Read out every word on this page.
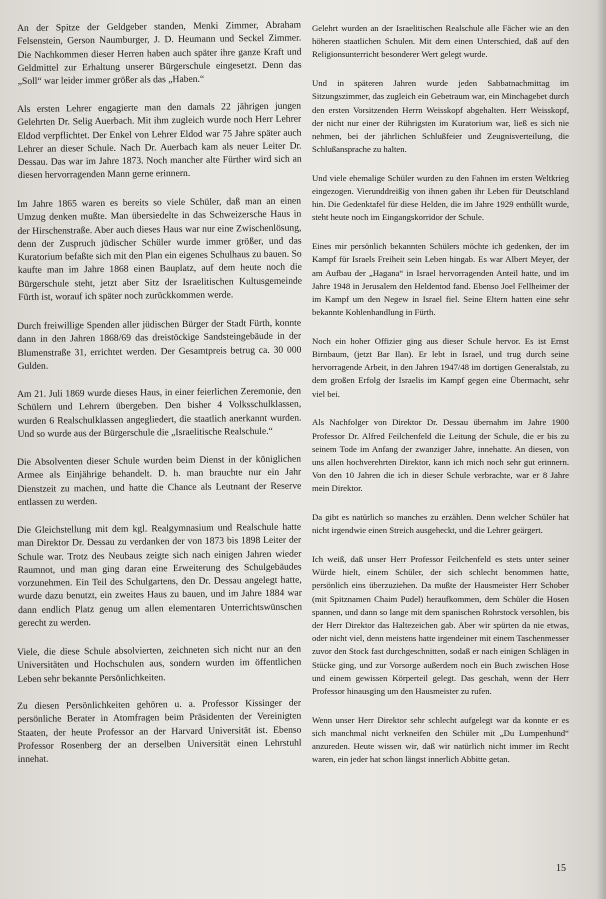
An der Spitze der Geldgeber standen, Menki Zimmer, Abraham Felsenstein, Gerson Naumburger, J. D. Heumann und Seckel Zimmer. Die Nachkommen dieser Herren haben auch später ihre ganze Kraft und Geldmittel zur Erhaltung unserer Bürgerschule eingesetzt. Denn das „Soll“ war leider immer größer als das „Haben.“

Als ersten Lehrer engagierte man den damals 22 jährigen jungen Gelehrten Dr. Selig Auerbach. Mit ihm zugleich wurde noch Herr Lehrer Eldod verpflichtet. Der Enkel von Lehrer Eldod war 75 Jahre später auch Lehrer an dieser Schule. Nach Dr. Auerbach kam als neuer Leiter Dr. Dessau. Das war im Jahre 1873. Noch mancher alte Fürther wird sich an diesen hervorragenden Mann gerne erinnern.

Im Jahre 1865 waren es bereits so viele Schüler, daß man an einen Umzug denken mußte. Man übersiedelte in das Schweizersche Haus in der Hirschenstraße. Aber auch dieses Haus war nur eine Zwischenlösung, denn der Zuspruch jüdischer Schüler wurde immer größer, und das Kuratorium befaßte sich mit den Plan ein eigenes Schulhaus zu bauen. So kaufte man im Jahre 1868 einen Bauplatz, auf dem heute noch die Bürgerschule steht, jetzt aber Sitz der Israelitischen Kultusgemeinde Fürth ist, worauf ich später noch zurückkommen werde.

Durch freiwillige Spenden aller jüdischen Bürger der Stadt Fürth, konnte dann in den Jahren 1868/69 das dreistöckige Sandsteingebäude in der Blumenstraße 31, errichtet werden. Der Gesamtpreis betrug ca. 30 000 Gulden.

Am 21. Juli 1869 wurde dieses Haus, in einer feierlichen Zeremonie, den Schülern und Lehrern übergeben. Den bisher 4 Volksschulklassen, wurden 6 Realschulklassen angegliedert, die staatlich anerkannt wurden. Und so wurde aus der Bürgerschule die „Israelitische Realschule.“

Die Absolventen dieser Schule wurden beim Dienst in der königlichen Armee als Einjährige behandelt. D. h. man brauchte nur ein Jahr Dienstzeit zu machen, und hatte die Chance als Leutnant der Reserve entlassen zu werden.

Die Gleichstellung mit dem kgl. Realgymnasium und Realschule hatte man Direktor Dr. Dessau zu verdanken der von 1873 bis 1898 Leiter der Schule war. Trotz des Neubaus zeigte sich nach einigen Jahren wieder Raumnot, und man ging daran eine Erweiterung des Schulgebäudes vorzunehmen. Ein Teil des Schulgartens, den Dr. Dessau angelegt hatte, wurde dazu benutzt, ein zweites Haus zu bauen, und im Jahre 1884 war dann endlich Platz genug um allen elementaren Unterrichtswünschen gerecht zu werden.

Viele, die diese Schule absolvierten, zeichneten sich nicht nur an den Universitäten und Hochschulen aus, sondern wurden im öffentlichen Leben sehr bekannte Persönlichkeiten.

Zu diesen Persönlichkeiten gehören u. a. Professor Kissinger der persönliche Berater in Atomfragen beim Präsidenten der Vereinigten Staaten, der heute Professor an der Harvard Universität ist. Ebenso Professor Rosenberg der an derselben Universität einen Lehrstuhl innehat.

Gelehrt wurden an der Israelitischen Realschule alle Fächer wie an den höheren staatlichen Schulen. Mit dem einen Unterschied, daß auf den Religionsunterricht besonderer Wert gelegt wurde.

Und in späteren Jahren wurde jeden Sabbatnachmittag im Sitzungszimmer, das zugleich ein Gebetraum war, ein Minchagebet durch den ersten Vorsitzenden Herrn Weisskopf abgehalten. Herr Weisskopf, der nicht nur einer der Rührigsten im Kuratorium war, ließ es sich nie nehmen, bei der jährlichen Schlußfeier und Zeugnisverteilung, die Schlußansprache zu halten.

Und viele ehemalige Schüler wurden zu den Fahnen im ersten Weltkrieg eingezogen. Vierunddreißig von ihnen gaben ihr Leben für Deutschland hin. Die Gedenktafel für diese Helden, die im Jahre 1929 enthüllt wurde, steht heute noch im Eingangskorridor der Schule.

Eines mir persönlich bekannten Schülers möchte ich gedenken, der im Kampf für Israels Freiheit sein Leben hingab. Es war Albert Meyer, der am Aufbau der „Hagana“ in Israel hervorragenden Anteil hatte, und im Jahre 1948 in Jerusalem den Heldentod fand. Ebenso Joel Fellheimer der im Kampf um den Negew in Israel fiel. Seine Eltern hatten eine sehr bekannte Kohlenhandlung in Fürth.

Noch ein hoher Offizier ging aus dieser Schule hervor. Es ist Ernst Birnbaum, (jetzt Bar Ilan). Er lebt in Israel, und trug durch seine hervorragende Arbeit, in den Jahren 1947/48 im dortigen Generalstab, zu dem großen Erfolg der Israelis im Kampf gegen eine Übermacht, sehr viel bei.

Als Nachfolger von Direktor Dr. Dessau übernahm im Jahre 1900 Professor Dr. Alfred Feilchenfeld die Leitung der Schule, die er bis zu seinem Tode im Anfang der zwanziger Jahre, innehatte. An diesen, von uns allen hochverehrten Direktor, kann ich mich noch sehr gut erinnern. Von den 10 Jahren die ich in dieser Schule verbrachte, war er 8 Jahre mein Direktor.

Da gibt es natürlich so manches zu erzählen. Denn welcher Schüler hat nicht irgendwie einen Streich ausgeheckt, und die Lehrer geärgert.

Ich weiß, daß unser Herr Professor Feilchenfeld es stets unter seiner Würde hielt, einem Schüler, der sich schlecht benommen hatte, persönlich eins überzuziehen. Da mußte der Hausmeister Herr Schober (mit Spitznamen Chaim Pudel) heraufkommen, dem Schüler die Hosen spannen, und dann so lange mit dem spanischen Rohrstock versohlen, bis der Herr Direktor das Haltezeichen gab. Aber wir spürten da nie etwas, oder nicht viel, denn meistens hatte irgendeiner mit einem Taschenmesser zuvor den Stock fast durchgeschnitten, sodaß er nach einigen Schlägen in Stücke ging, und zur Vorsorge außerdem noch ein Buch zwischen Hose und einem gewissen Körperteil gelegt. Das geschah, wenn der Herr Professor hinausging um den Hausmeister zu rufen.

Wenn unser Herr Direktor sehr schlecht aufgelegt war da konnte er es sich manchmal nicht verkneifen den Schüler mit „Du Lumpenhund“ anzureden. Heute wissen wir, daß wir natürlich nicht immer im Recht waren, ein jeder hat schon längst innerlich Abbitte getan.

15
